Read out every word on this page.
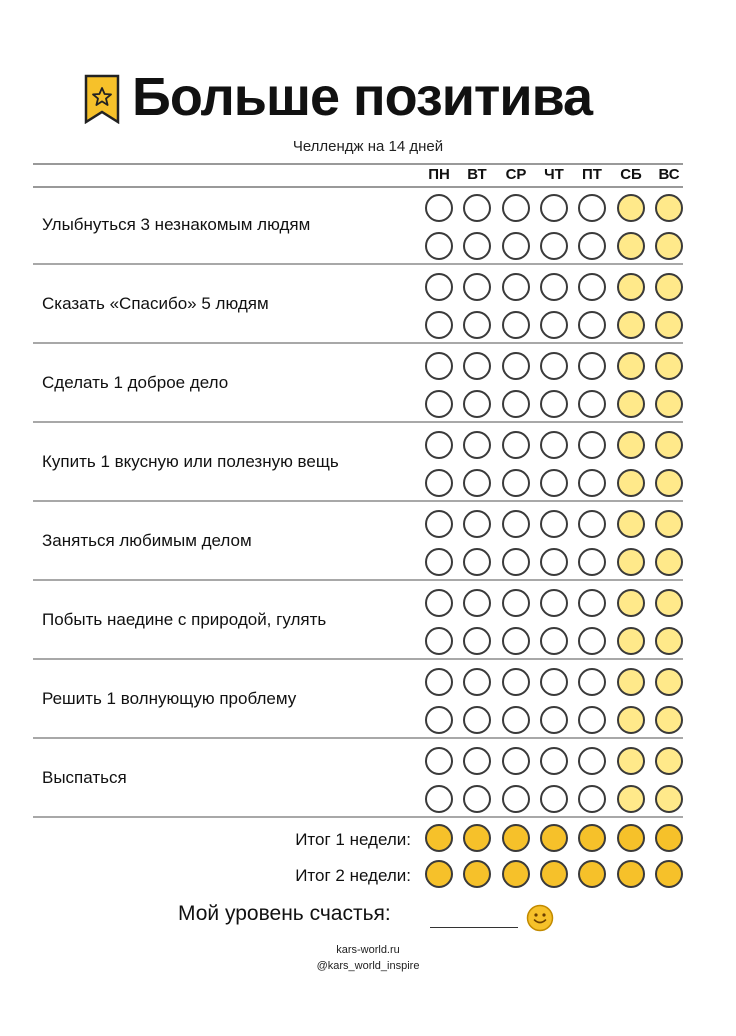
Больше позитива
Челлендж на 14 дней
ПН	ВТ	СР	ЧТ	ПТ	СБ	ВС
Улыбнуться 3 незнакомым людям
Сказать «Спасибо» 5 людям
Сделать 1 доброе дело
Купить 1 вкусную или полезную вещь
Заняться любимым делом
Побыть наедине с природой, гулять
Решить 1 волнующую проблему
Выспаться
Итог 1 недели:
Итог 2 недели:
Мой уровень счастья:
kars-world.ru
@kars_world_inspire
